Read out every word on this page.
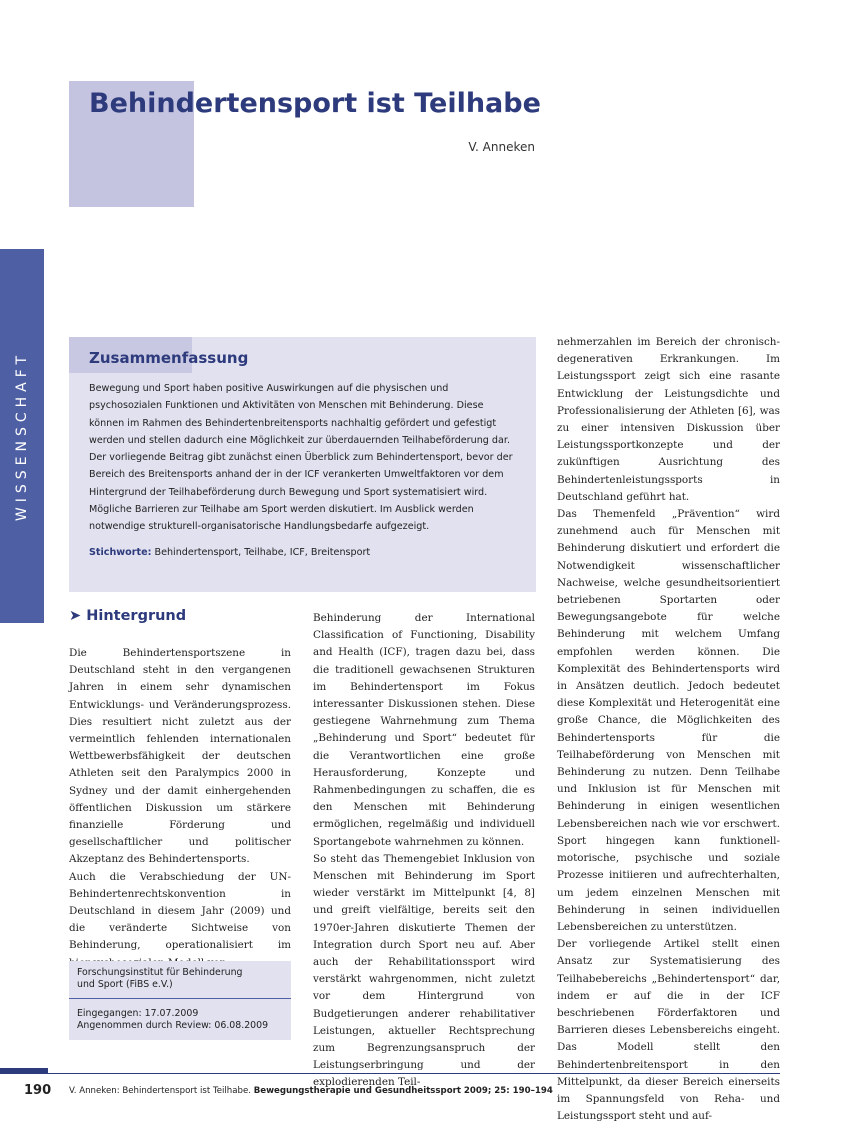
Behindertensport ist Teilhabe
V. Anneken
WISSENSCHAFT	Zusammenfassung

Bewegung und Sport haben positive Auswirkungen auf die physischen und psychosozialen Funktionen und Aktivitäten von Menschen mit Behinderung. Diese können im Rahmen des Behindertenbreitensports nachhaltig gefördert und gefestigt werden und stellen dadurch eine Möglichkeit zur überdauernden Teilhabeförderung dar. Der vorliegende Beitrag gibt zunächst einen Überblick zum Behindertensport, bevor der Bereich des Breitensports anhand der in der ICF verankerten Umweltfaktoren vor dem Hintergrund der Teilhabeförderung durch Bewegung und Sport systematisiert wird. Mögliche Barrieren zur Teilhabe am Sport werden diskutiert. Im Ausblick werden notwendige strukturell-organisatorische Handlungsbedarfe aufgezeigt.

Stichworte: Behindertensport, Teilhabe, ICF, Breitensport

➤ Hintergrund

Die Behindertensportszene in Deutschland steht in den vergangenen Jahren in einem sehr dynamischen Entwicklungs- und Veränderungsprozess. Dies resultiert nicht zuletzt aus der vermeintlich fehlenden internationalen Wettbewerbsfähigkeit der deutschen Athleten seit den Paralympics 2000 in Sydney und der damit einhergehenden öffentlichen Diskussion um stärkere finanzielle Förderung und gesellschaftlicher und politischer Akzeptanz des Behindertensports.

Auch die Verabschiedung der UN-Behindertenrechtskonvention in Deutschland in diesem Jahr (2009) und die veränderte Sichtweise von Behinderung, operationalisiert im

Behinderung der International Classification of Functioning, Disability and Health (ICF), tragen dazu bei, dass die traditionell gewachsenen Strukturen im Behindertensport im Fokus interessanter Diskussionen stehen. Diese gestiegene Wahrnehmung zum Thema „Behinderung und Sport“ bedeutet für die Verantwortlichen eine große Herausforderung, Konzepte und Rahmenbedingungen zu schaffen, die es den Menschen mit Behinderung ermöglichen, regelmäßig und individuell Sportangebote wahrnehmen zu können.

So steht das Themengebiet Inklusion von Menschen mit Behinderung im Sport wieder verstärkt im Mittelpunkt [4, 8] und greift vielfältige, bereits seit den 1970er-Jahren diskutierte Themen der Integration durch Sport neu auf. Aber auch der Rehabilitationssport wird verstärkt wahrgenommen, nicht zuletzt vor dem Hintergrund von Budgetierungen anderer rehabilitativer Leistungen, aktueller Rechtsprechung zum Begrenzungsanspruch der Leistungserbringung und der explodierenden Teil-

nehmerzahlen im Bereich der chronisch-degenerativen Erkrankungen. Im Leistungssport zeigt sich eine rasante Entwicklung der Leistungsdichte und Professionalisierung der Athleten [6], was zu einer intensiven Diskussion über Leistungssportkonzepte und der zukünftigen Ausrichtung des Behindertenleistungssports in Deutschland geführt hat.

Das Themenfeld „Prävention“ wird zunehmend auch für Menschen mit Behinderung diskutiert und erfordert die Notwendigkeit wissenschaftlicher Nachweise, welche gesundheitsorientiert betriebenen Sportarten oder Bewegungsangebote für welche Behinderung mit welchem Umfang empfohlen werden können. Die Komplexität des Behindertensports wird in Ansätzen deutlich. Jedoch bedeutet diese Komplexität und Heterogenität eine große Chance, die Möglichkeiten des Behindertensports für die Teilhabeförderung von Menschen mit Behinderung zu nutzen. Denn Teilhabe und Inklusion ist für Menschen mit Behinderung in einigen wesentlichen Lebensbereichen nach wie vor erschwert. Sport hingegen kann funktionell-motorische, psychische und soziale Prozesse initiieren und aufrechterhalten, um jedem einzelnen Menschen mit Behinderung in seinen individuellen Lebensbereichen zu unterstützen.

Der vorliegende Artikel stellt einen Ansatz zur Systematisierung des Teilhabebereichs „Behindertensport“ dar, indem er auf die in der ICF beschriebenen Förderfaktoren und Barrieren dieses Lebensbereichs eingeht. Das Modell stellt den Behindertenbreitensport in den Mittelpunkt, da dieser Bereich einerseits im Spannungsfeld von Reha- und Leistungssport steht und auf-

Forschungsinstitut für Behinderung
und Sport (FiBS e.V.)
Eingegangen: 17.07.2009
Angenommen durch Review: 06.08.2009
190 V. Anneken: Behindertensport ist Teilhabe. Bewegungstherapie und Gesundheitssport 2009; 25: 190–194
